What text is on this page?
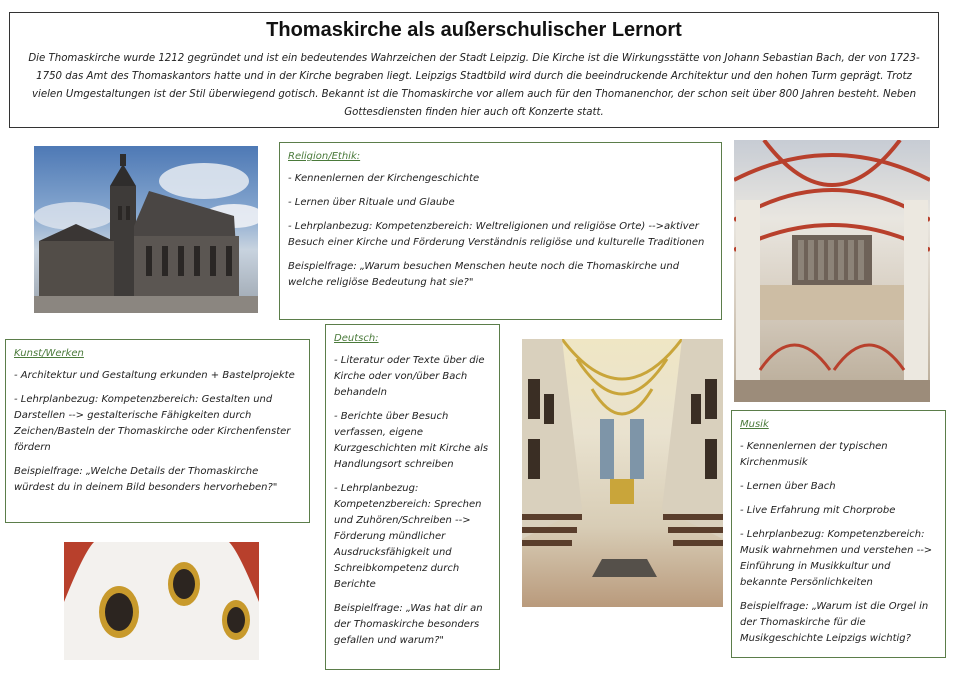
Thomaskirche als außerschulischer Lernort

Die Thomaskirche wurde 1212 gegründet und ist ein bedeutendes Wahrzeichen der Stadt Leipzig. Die Kirche ist die Wirkungsstätte von Johann Sebastian Bach, der von 1723-1750 das Amt des Thomaskantors hatte und in der Kirche begraben liegt. Leipzigs Stadtbild wird durch die beeindruckende Architektur und den hohen Turm geprägt. Trotz vielen Umgestaltungen ist der Stil überwiegend gotisch. Bekannt ist die Thomaskirche vor allem auch für den Thomanenchor, der schon seit über 800 Jahren besteht. Neben Gottesdiensten finden hier auch oft Konzerte statt.

Religion/Ethik:

- Kennenlernen der Kirchengeschichte

- Lernen über Rituale und Glaube

- Lehrplanbezug: Kompetenzbereich: Weltreligionen und religiöse Orte) -->aktiver Besuch einer Kirche und Förderung Verständnis religiöse und kulturelle Traditionen

Beispielfrage: „Warum besuchen Menschen heute noch die Thomaskirche und welche religiöse Bedeutung hat sie?"

Kunst/Werken

- Architektur und Gestaltung erkunden + Bastelprojekte

- Lehrplanbezug: Kompetenzbereich: Gestalten und Darstellen --> gestalterische Fähigkeiten durch Zeichen/Basteln der Thomaskirche oder Kirchenfenster fördern

Beispielfrage: „Welche Details der Thomaskirche würdest du in deinem Bild besonders hervorheben?"

Deutsch:

- Literatur oder Texte über die Kirche oder von/über Bach behandeln

- Berichte über Besuch verfassen, eigene Kurzgeschichten mit Kirche als Handlungsort schreiben

- Lehrplanbezug: Kompetenzbereich: Sprechen und Zuhören/Schreiben --> Förderung mündlicher Ausdrucksfähigkeit und Schreibkompetenz durch Berichte

Beispielfrage: „Was hat dir an der Thomaskirche besonders gefallen und warum?"

Musik

- Kennenlernen der typischen Kirchenmusik

- Lernen über Bach

- Live Erfahrung mit Chorprobe

- Lehrplanbezug: Kompetenzbereich: Musik wahrnehmen und verstehen --> Einführung in Musikkultur und bekannte Persönlichkeiten

Beispielfrage: „Warum ist die Orgel in der Thomaskirche für die Musikgeschichte Leipzigs wichtig?
